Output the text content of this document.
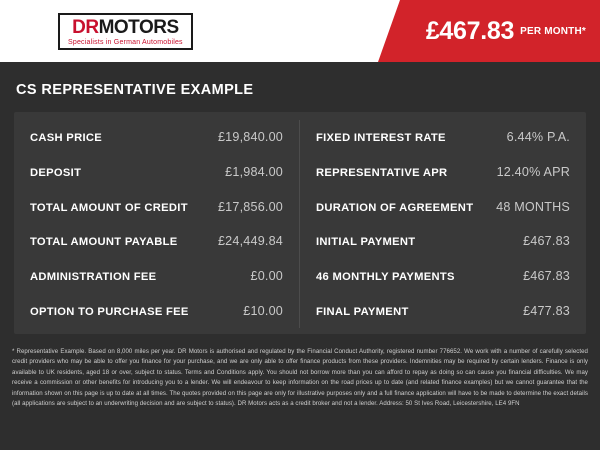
DRMOTORS
Specialists in German Automobiles	£467.83 PER MONTH*
CS REPRESENTATIVE EXAMPLE
CASH PRICE	£19,840.00
DEPOSIT	£1,984.00
TOTAL AMOUNT OF CREDIT £17,856.00
TOTAL AMOUNT PAYABLE	£24,449.84
ADMINISTRATION FEE	£0.00
OPTION TO PURCHASE FEE	£10.00
FIXED INTEREST RATE	6.44% P.A.
REPRESENTATIVE APR	12.40% APR
DURATION OF AGREEMENT 48 MONTHS
INITIAL PAYMENT	£467.83
46 MONTHLY PAYMENTS	£467.83
FINAL PAYMENT	£477.83
* Representative Example. Based on 8,000 miles per year. DR Motors is authorised and regulated by the Financial Conduct Authority, registered number 776652. We work with a number of carefully selected credit providers who may be able to offer you finance for your purchase, and we are only able to offer finance products from these providers. Indemnities may be required by certain lenders. Finance is only available to UK residents, aged 18 or over, subject to status. Terms and Conditions apply. You should not borrow more than you can afford to repay as doing so can cause you financial difficulties. We may receive a commission or other benefits for introducing you to a lender. We will endeavour to keep information on the road prices up to date (and related finance examples) but we cannot guarantee that the information shown on this page is up to date at all times. The quotes provided on this page are only for illustrative purposes only and a full finance application will have to be made to determine the exact details (all applications are subject to an underwriting decision and are subject to status). DR Motors acts as a credit broker and not a lender. Address: 50 St Ives Road, Leicestershire, LE4 9FN
